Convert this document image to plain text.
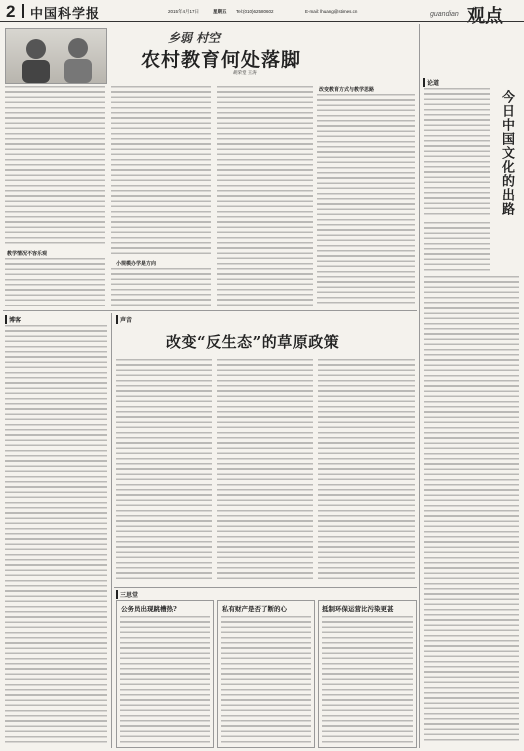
2 中国科学报	2015年4月17日	星期五 Tel:(010)62580602	E-mail: lhuang@stimes.cn	guandian 观点
乡弱 村空
农村教育何处落脚
胡荣堂 王涛
教学情况不容乐观
小规模办学是方向
改变教育方式与教学思路
论道
今日中国文化的出路
博客	声音
改变“反生态”的草原政策
三思堂
公务员出现跳槽热?	私有财产是否了断的心	抵制环保运营比污染更甚
